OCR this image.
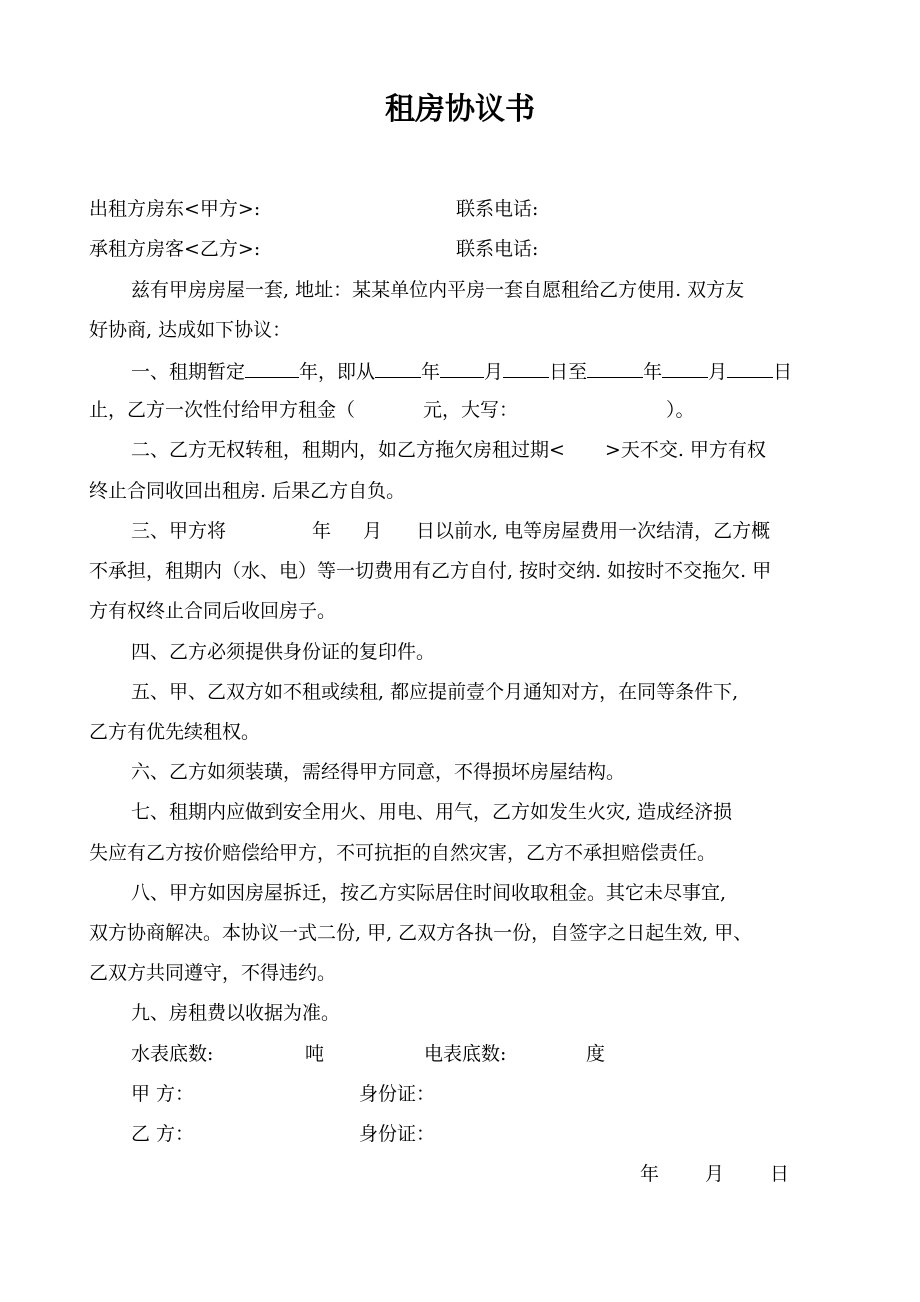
租房协议书
出租方房东<甲方>:	联系电话:
承租方房客<乙方>:	联系电话:
兹有甲房房屋一套, 地址：某某单位内平房一套自愿租给乙方使用. 双方友
好协商, 达成如下协议：
一、租期暂定	年，即从 年 月 日至	年 月 日
止，乙方一次性付给甲方租金（	元，大写：	）。
二、乙方无权转租，租期内，如乙方拖欠房租过期< >天不交. 甲方有权
终止合同收回出租房. 后果乙方自负。
三、甲方将	年 月 日以前水, 电等房屋费用一次结清，乙方概
不承担，租期内（水、电）等一切费用有乙方自付, 按时交纳. 如按时不交拖欠. 甲
方有权终止合同后收回房子。
四、乙方必须提供身份证的复印件。
五、甲、乙双方如不租或续租, 都应提前壹个月通知对方，在同等条件下,
乙方有优先续租权。
六、乙方如须装璜，需经得甲方同意，不得损坏房屋结构。
七、租期内应做到安全用火、用电、用气，乙方如发生火灾, 造成经济损
失应有乙方按价赔偿给甲方，不可抗拒的自然灾害，乙方不承担赔偿责任。
八、甲方如因房屋拆迁，按乙方实际居住时间收取租金。其它未尽事宜,
双方协商解决。本协议一式二份, 甲, 乙双方各执一份，自签字之日起生效, 甲、
乙双方共同遵守，不得违约。
九、房租费以收据为准。
水表底数:	吨	电表底数:	度
甲 方：	身份证：
乙 方：	身份证：
年 月 日
